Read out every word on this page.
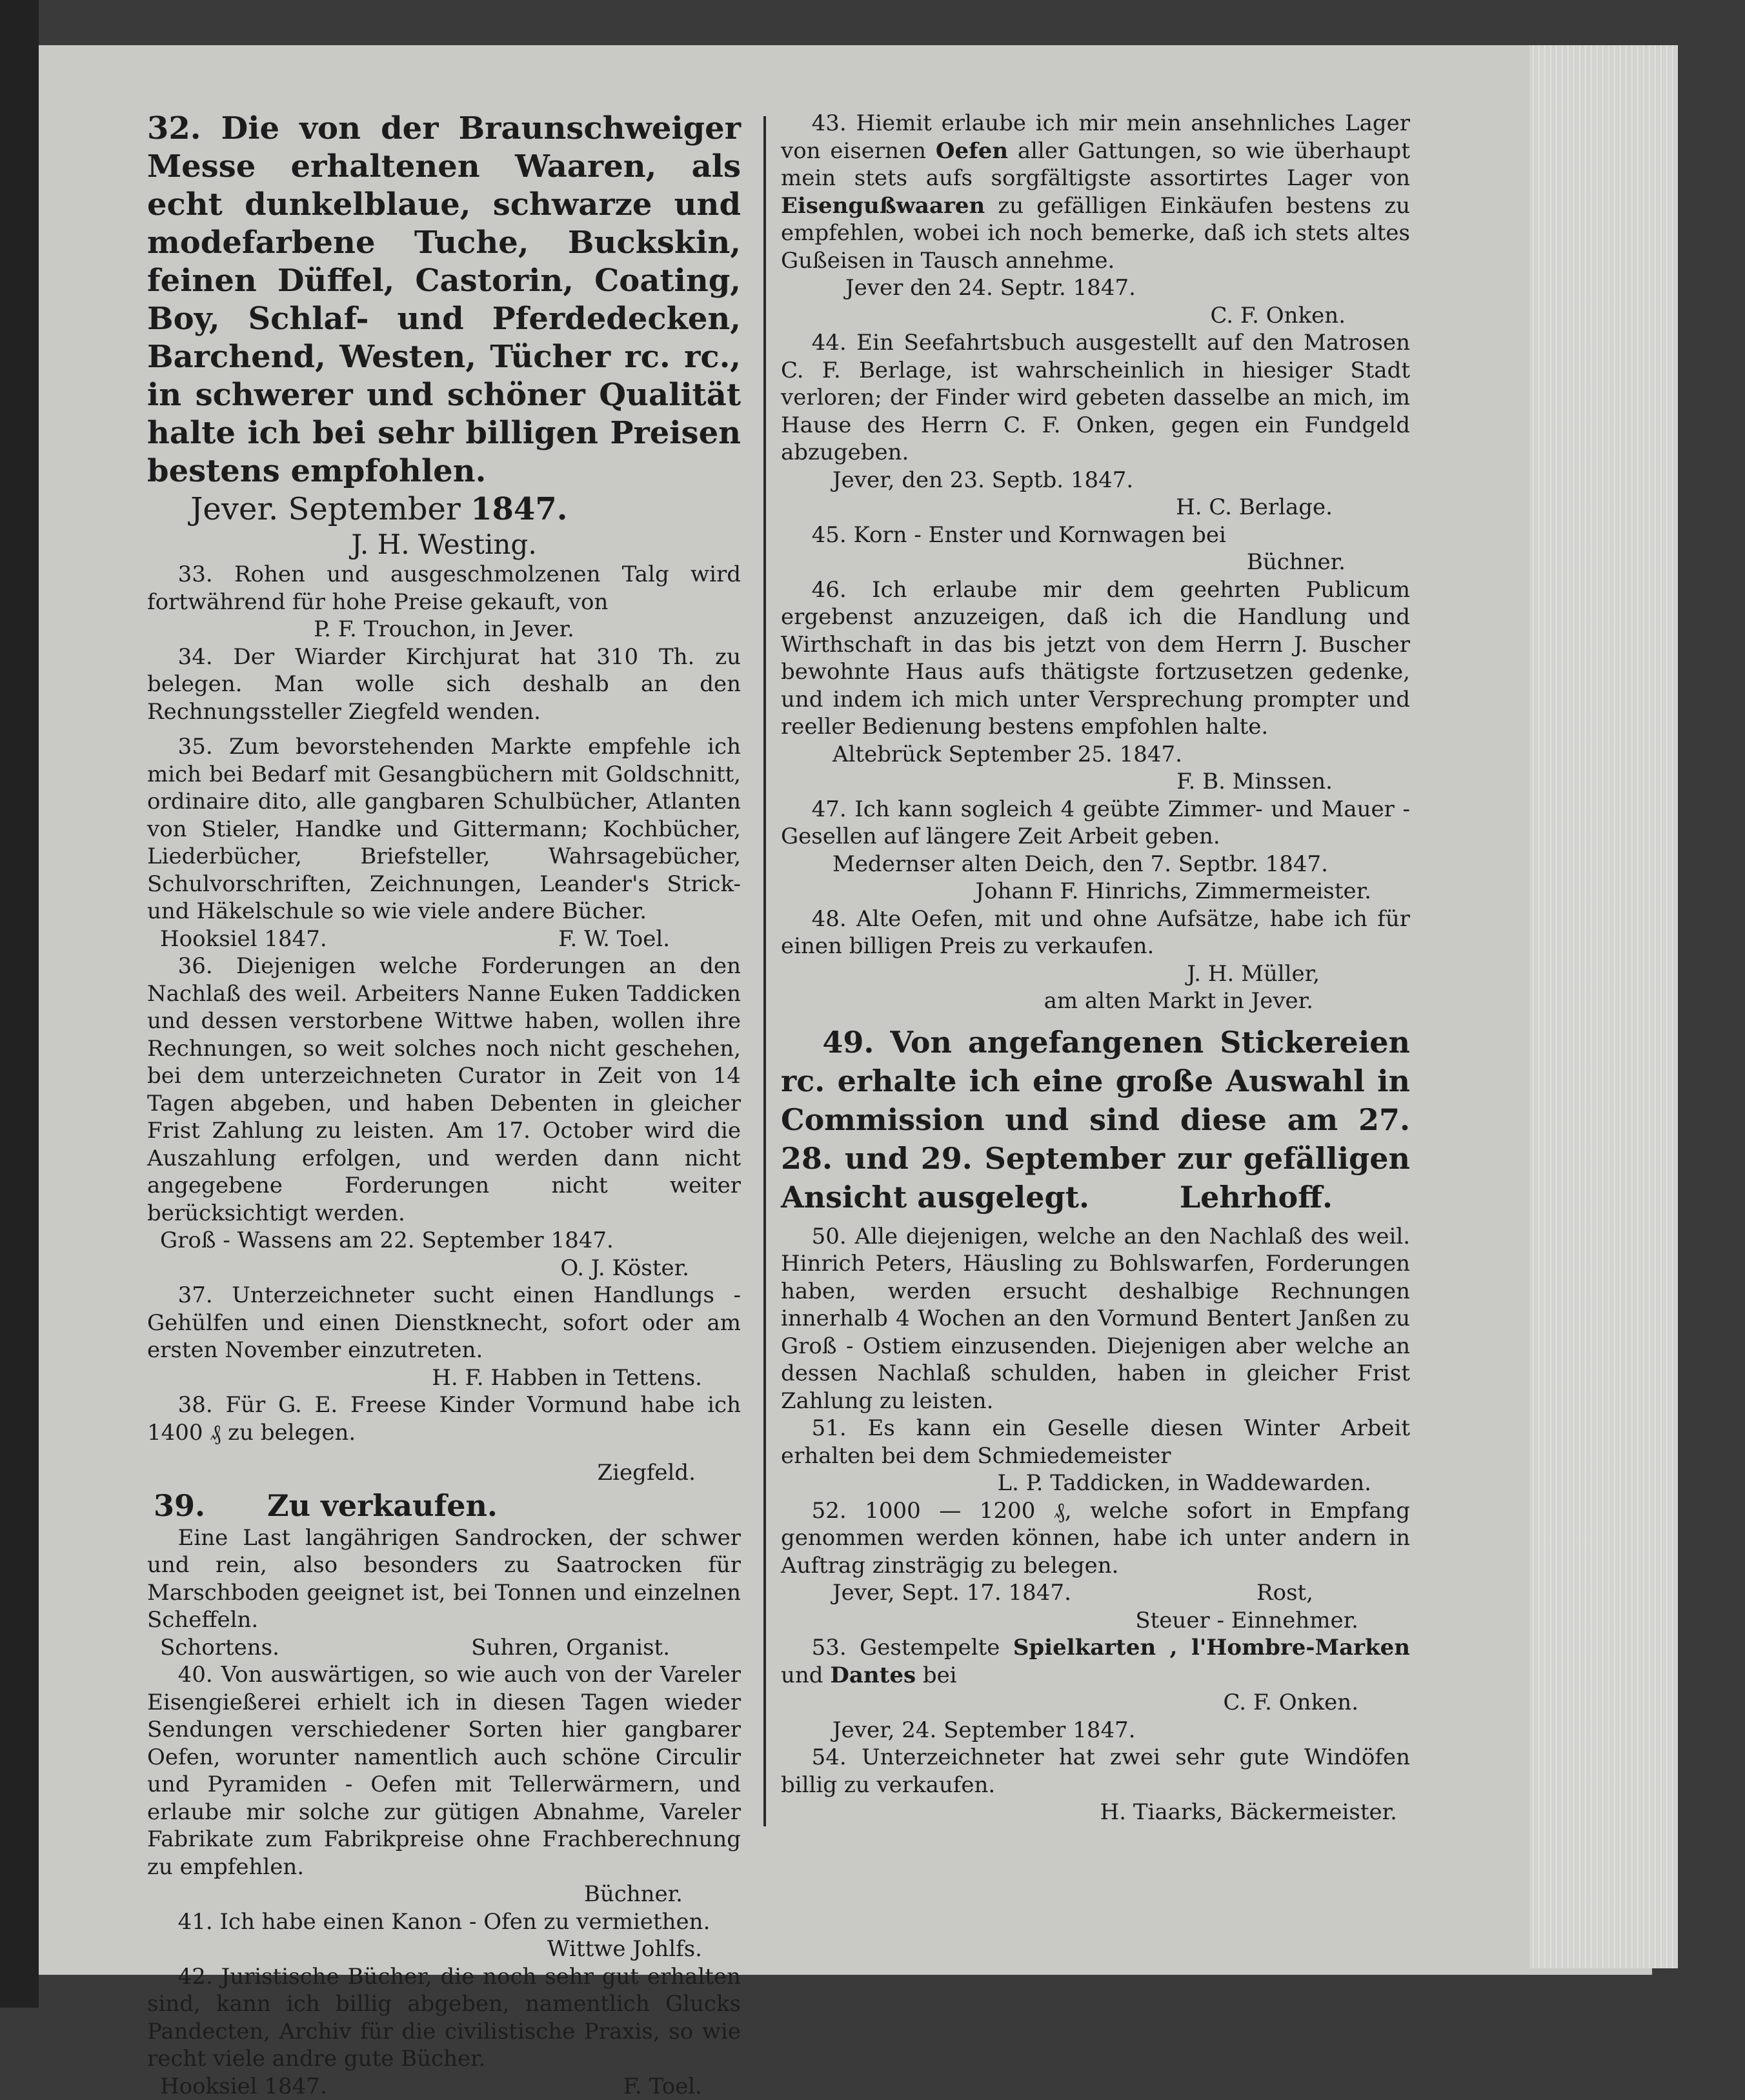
32. Die von der Braunschweiger Messe erhaltenen Waaren, als echt dunkelblaue, schwarze und modefarbene Tuche, Buckskin, feinen Düffel, Castorin, Coating, Boy, Schlaf- und Pferdedecken, Barchend, Westen, Tücher rc. rc., in schwerer und schöner Qualität halte ich bei sehr billigen Preisen bestens empfohlen.

Jever. September 1847.

J. H. Westing.

33. Rohen und ausgeschmolzenen Talg wird fortwährend für hohe Preise gekauft, von

P. F. Trouchon, in Jever.

34. Der Wiarder Kirchjurat hat 310 Th. zu belegen. Man wolle sich deshalb an den Rechnungssteller Ziegfeld wenden.

35. Zum bevorstehenden Markte empfehle ich mich bei Bedarf mit Gesangbüchern mit Goldschnitt, ordinaire dito, alle gangbaren Schulbücher, Atlanten von Stieler, Handke und Gittermann; Kochbücher, Liederbücher, Briefsteller, Wahrsagebücher, Schulvorschriften, Zeichnungen, Leander's Strick- und Häkelschule so wie viele andere Bücher.

Hooksiel 1847.	F. W. Toel.

36. Diejenigen welche Forderungen an den Nachlaß des weil. Arbeiters Nanne Euken Taddicken und dessen verstorbene Wittwe haben, wollen ihre Rechnungen, so weit solches noch nicht geschehen, bei dem unterzeichneten Curator in Zeit von 14 Tagen abgeben, und haben Debenten in gleicher Frist Zahlung zu leisten. Am 17. October wird die Auszahlung erfolgen, und werden dann nicht angegebene Forderungen nicht weiter berücksichtigt werden.

Groß - Wassens am 22. September 1847.

O. J. Köster.

37. Unterzeichneter sucht einen Handlungs - Gehülfen und einen Dienstknecht, sofort oder am ersten November einzutreten.

H. F. Habben in Tettens.

38. Für G. E. Freese Kinder Vormund habe ich 1400 ₰ zu belegen.

Ziegfeld.

39. Zu verkaufen.

Eine Last langährigen Sandrocken, der schwer und rein, also besonders zu Saatrocken für Marschboden geeignet ist, bei Tonnen und einzelnen Scheffeln.

Schortens.	Suhren, Organist.

40. Von auswärtigen, so wie auch von der Vareler Eisengießerei erhielt ich in diesen Tagen wieder Sendungen verschiedener Sorten hier gangbarer Oefen, worunter namentlich auch schöne Circulir und Pyramiden - Oefen mit Tellerwärmern, und erlaube mir solche zur gütigen Abnahme, Vareler Fabrikate zum Fabrikpreise ohne Frachberechnung zu empfehlen.

Büchner.

41. Ich habe einen Kanon - Ofen zu vermiethen.

Wittwe Johlfs.

42. Juristische Bücher, die noch sehr gut erhalten sind, kann ich billig abgeben, namentlich Glucks Pandecten, Archiv für die civilistische Praxis, so wie recht viele andre gute Bücher.

Hooksiel 1847.	F. Toel.

43. Hiemit erlaube ich mir mein ansehnliches Lager von eisernen Oefen aller Gattungen, so wie überhaupt mein stets aufs sorgfältigste assortirtes Lager von Eisengußwaaren zu gefälligen Einkäufen bestens zu empfehlen, wobei ich noch bemerke, daß ich stets altes Gußeisen in Tausch annehme.

Jever den 24. Septr. 1847.

C. F. Onken.

44. Ein Seefahrtsbuch ausgestellt auf den Matrosen C. F. Berlage, ist wahrscheinlich in hiesiger Stadt verloren; der Finder wird gebeten dasselbe an mich, im Hause des Herrn C. F. Onken, gegen ein Fundgeld abzugeben.

Jever, den 23. Septb. 1847.

H. C. Berlage.

45. Korn - Enster und Kornwagen bei

Büchner.

46. Ich erlaube mir dem geehrten Publicum ergebenst anzuzeigen, daß ich die Handlung und Wirthschaft in das bis jetzt von dem Herrn J. Buscher bewohnte Haus aufs thätigste fortzusetzen gedenke, und indem ich mich unter Versprechung prompter und reeller Bedienung bestens empfohlen halte.

Altebrück September 25. 1847.

F. B. Minssen.

47. Ich kann sogleich 4 geübte Zimmer- und Mauer - Gesellen auf längere Zeit Arbeit geben.

Medernser alten Deich, den 7. Septbr. 1847.

Johann F. Hinrichs, Zimmermeister.

48. Alte Oefen, mit und ohne Aufsätze, habe ich für einen billigen Preis zu verkaufen.

J. H. Müller,

am alten Markt in Jever.

49. Von angefangenen Stickereien rc. erhalte ich eine große Auswahl in Commission und sind diese am 27. 28. und 29. September zur gefälligen Ansicht ausgelegt.	Lehrhoff.

50. Alle diejenigen, welche an den Nachlaß des weil. Hinrich Peters, Häusling zu Bohlswarfen, Forderungen haben, werden ersucht deshalbige Rechnungen innerhalb 4 Wochen an den Vormund Bentert Janßen zu Groß - Ostiem einzusenden. Diejenigen aber welche an dessen Nachlaß schulden, haben in gleicher Frist Zahlung zu leisten.

51. Es kann ein Geselle diesen Winter Arbeit erhalten bei dem Schmiedemeister

L. P. Taddicken, in Waddewarden.

52. 1000 — 1200 ₰, welche sofort in Empfang genommen werden können, habe ich unter andern in Auftrag zinsträgig zu belegen.

Jever, Sept. 17. 1847.	Rost,

Steuer - Einnehmer.

53. Gestempelte Spielkarten , l'Hombre-Marken und Dantes bei

C. F. Onken.

Jever, 24. September 1847.

54. Unterzeichneter hat zwei sehr gute Windöfen billig zu verkaufen.

H. Tiaarks, Bäckermeister.
